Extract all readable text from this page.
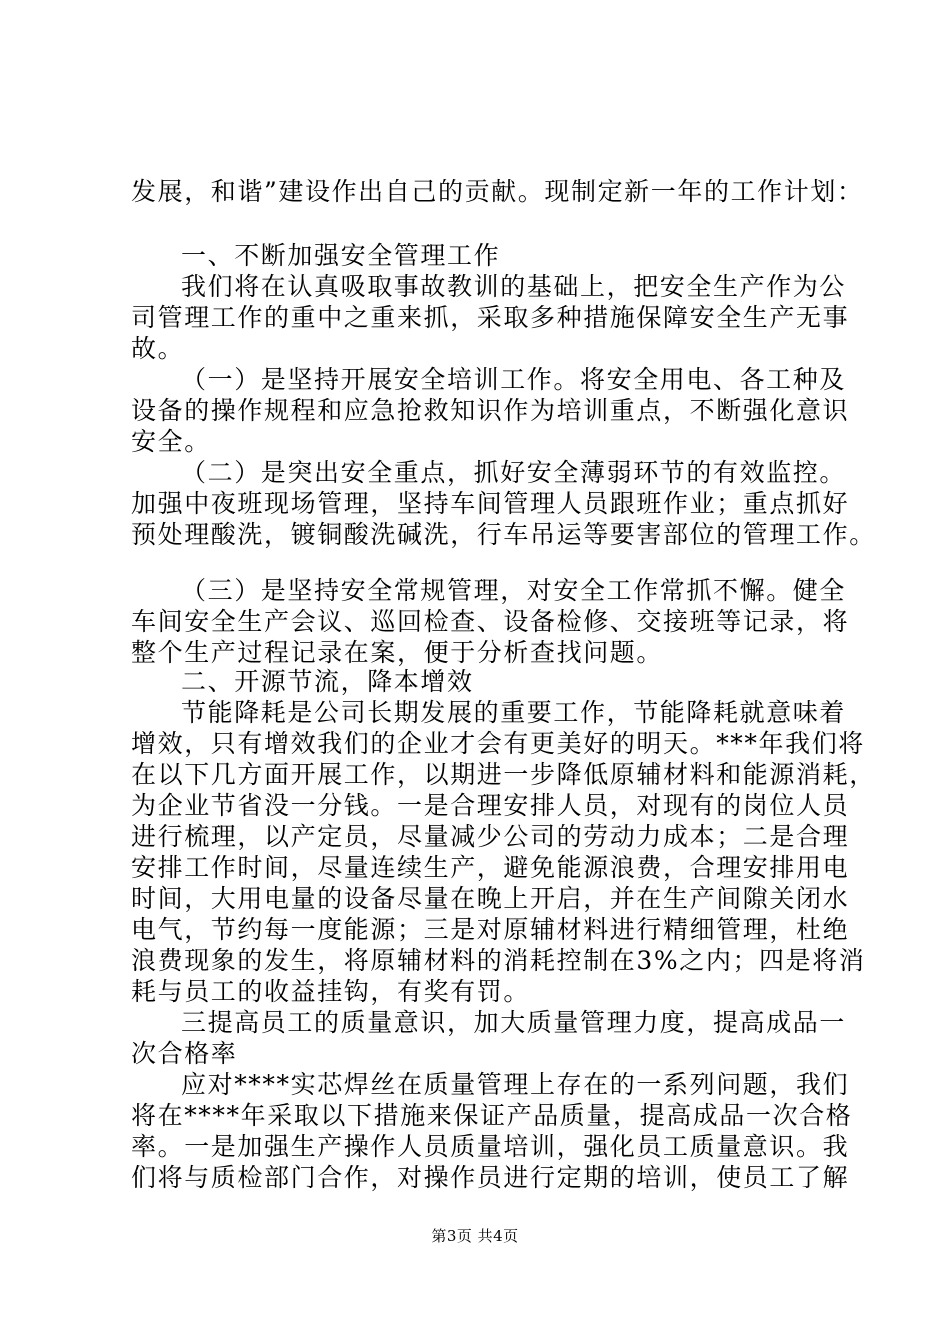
发展，和谐”建设作出自己的贡献。现制定新一年的工作计划：
一、不断加强安全管理工作
我们将在认真吸取事故教训的基础上，把安全生产作为公
司管理工作的重中之重来抓，采取多种措施保障安全生产无事
故。
（一）是坚持开展安全培训工作。将安全用电、各工种及
设备的操作规程和应急抢救知识作为培训重点，不断强化意识
安全。
（二）是突出安全重点，抓好安全薄弱环节的有效监控。
加强中夜班现场管理，坚持车间管理人员跟班作业；重点抓好
预处理酸洗，镀铜酸洗碱洗，行车吊运等要害部位的管理工作。
（三）是坚持安全常规管理，对安全工作常抓不懈。健全
车间安全生产会议、巡回检查、设备检修、交接班等记录，将
整个生产过程记录在案，便于分析查找问题。
二、开源节流，降本增效
节能降耗是公司长期发展的重要工作，节能降耗就意味着
增效，只有增效我们的企业才会有更美好的明天。***年我们将
在以下几方面开展工作，以期进一步降低原辅材料和能源消耗，
为企业节省没一分钱。一是合理安排人员，对现有的岗位人员
进行梳理，以产定员，尽量减少公司的劳动力成本；二是合理
安排工作时间，尽量连续生产，避免能源浪费，合理安排用电
时间，大用电量的设备尽量在晚上开启，并在生产间隙关闭水
电气，节约每一度能源；三是对原辅材料进行精细管理，杜绝
浪费现象的发生，将原辅材料的消耗控制在3%之内；四是将消
耗与员工的收益挂钩，有奖有罚。
三提高员工的质量意识，加大质量管理力度，提高成品一
次合格率
应对****实芯焊丝在质量管理上存在的一系列问题，我们
将在****年采取以下措施来保证产品质量，提高成品一次合格
率。一是加强生产操作人员质量培训，强化员工质量意识。我
们将与质检部门合作，对操作员进行定期的培训，使员工了解
第3页 共4页
